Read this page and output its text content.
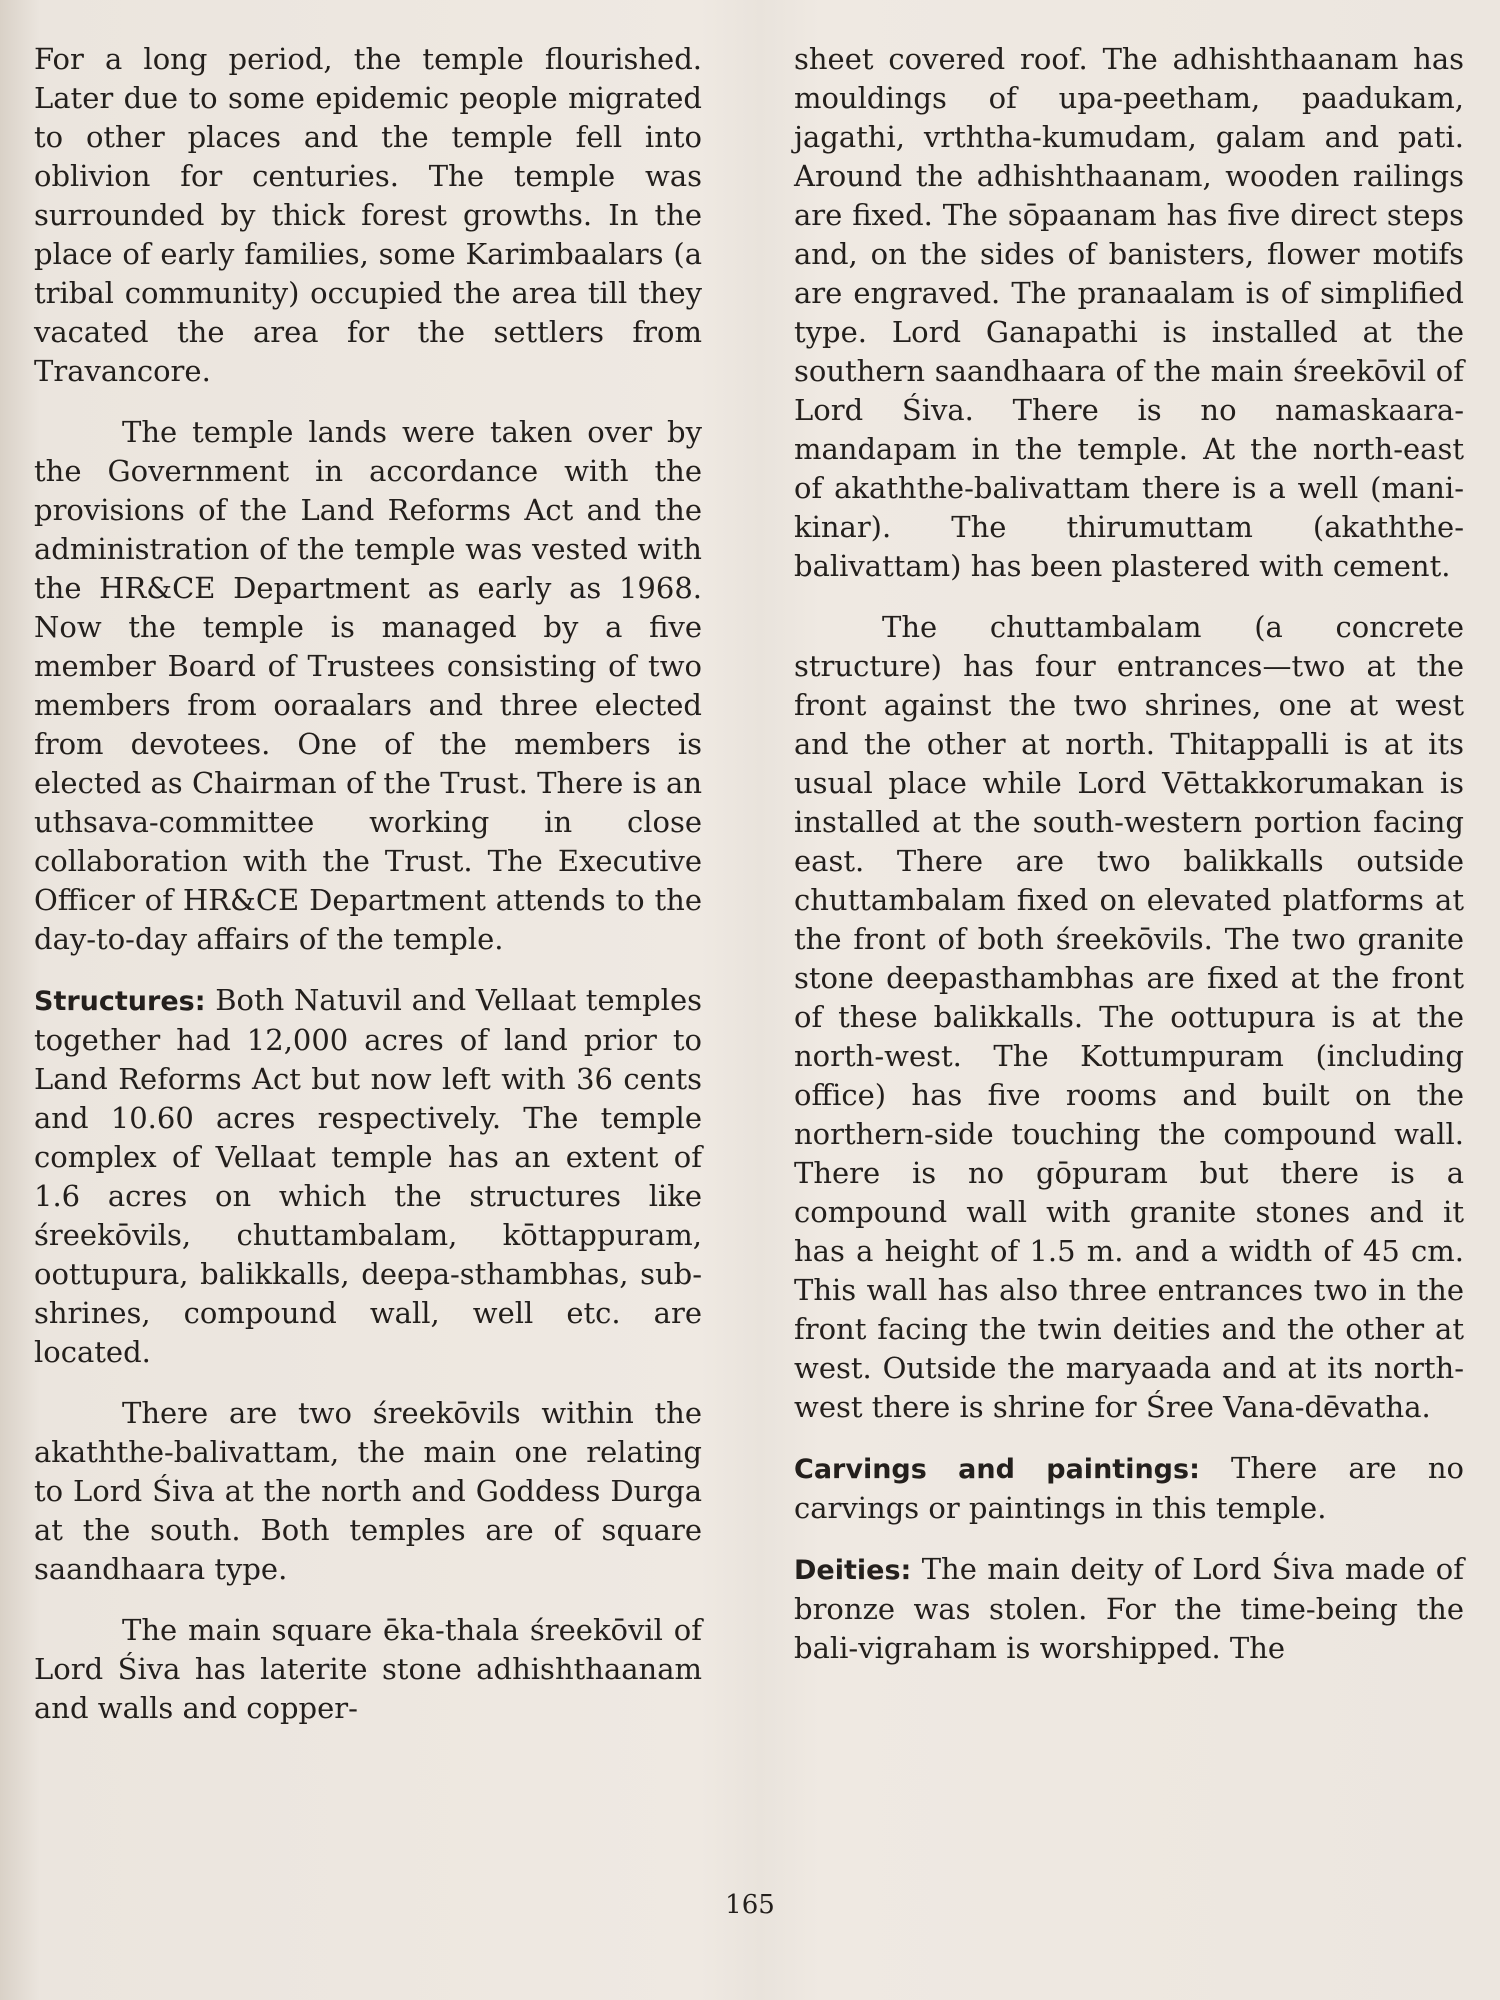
For a long period, the temple flourished. Later due to some epidemic people migrated to other places and the temple fell into oblivion for centuries. The temple was surrounded by thick forest growths. In the place of early families, some Karimbaalars (a tribal community) occupied the area till they vacated the area for the settlers from Travancore.

The temple lands were taken over by the Government in accordance with the provisions of the Land Reforms Act and the administration of the temple was vested with the HR&CE Department as early as 1968. Now the temple is managed by a five member Board of Trustees consisting of two members from ooraalars and three elected from devotees. One of the members is elected as Chairman of the Trust. There is an uthsava-committee working in close collaboration with the Trust. The Executive Officer of HR&CE Department attends to the day-to-day affairs of the temple.

Structures: Both Natuvil and Vellaat temples together had 12,000 acres of land prior to Land Reforms Act but now left with 36 cents and 10.60 acres respectively. The temple complex of Vellaat temple has an extent of 1.6 acres on which the structures like śreekōvils, chuttambalam, kōttappuram, oottupura, balikkalls, deepa-sthambhas, sub-shrines, compound wall, well etc. are located.

There are two śreekōvils within the akaththe-balivattam, the main one relating to Lord Śiva at the north and Goddess Durga at the south. Both temples are of square saandhaara type.

The main square ēka-thala śreekōvil of Lord Śiva has laterite stone adhishthaanam and walls and copper-

sheet covered roof. The adhishthaanam has mouldings of upa-peetham, paadukam, jagathi, vrththa-kumudam, galam and pati. Around the adhishthaanam, wooden railings are fixed. The sōpaanam has five direct steps and, on the sides of banisters, flower motifs are engraved. The pranaalam is of simplified type. Lord Ganapathi is installed at the southern saandhaara of the main śreekōvil of Lord Śiva. There is no namaskaara-mandapam in the temple. At the north-east of akaththe-balivattam there is a well (mani-kinar). The thirumuttam (akaththe-balivattam) has been plastered with cement.

The chuttambalam (a concrete structure) has four entrances—two at the front against the two shrines, one at west and the other at north. Thitappalli is at its usual place while Lord Vēttakkorumakan is installed at the south-western portion facing east. There are two balikkalls outside chuttambalam fixed on elevated platforms at the front of both śreekōvils. The two granite stone deepasthambhas are fixed at the front of these balikkalls. The oottupura is at the north-west. The Kottumpuram (including office) has five rooms and built on the northern-side touching the compound wall. There is no gōpuram but there is a compound wall with granite stones and it has a height of 1.5 m. and a width of 45 cm. This wall has also three entrances two in the front facing the twin deities and the other at west. Outside the maryaada and at its north-west there is shrine for Śree Vana-dēvatha.

Carvings and paintings: There are no carvings or paintings in this temple.

Deities: The main deity of Lord Śiva made of bronze was stolen. For the time-being the bali-vigraham is worshipped. The

165
